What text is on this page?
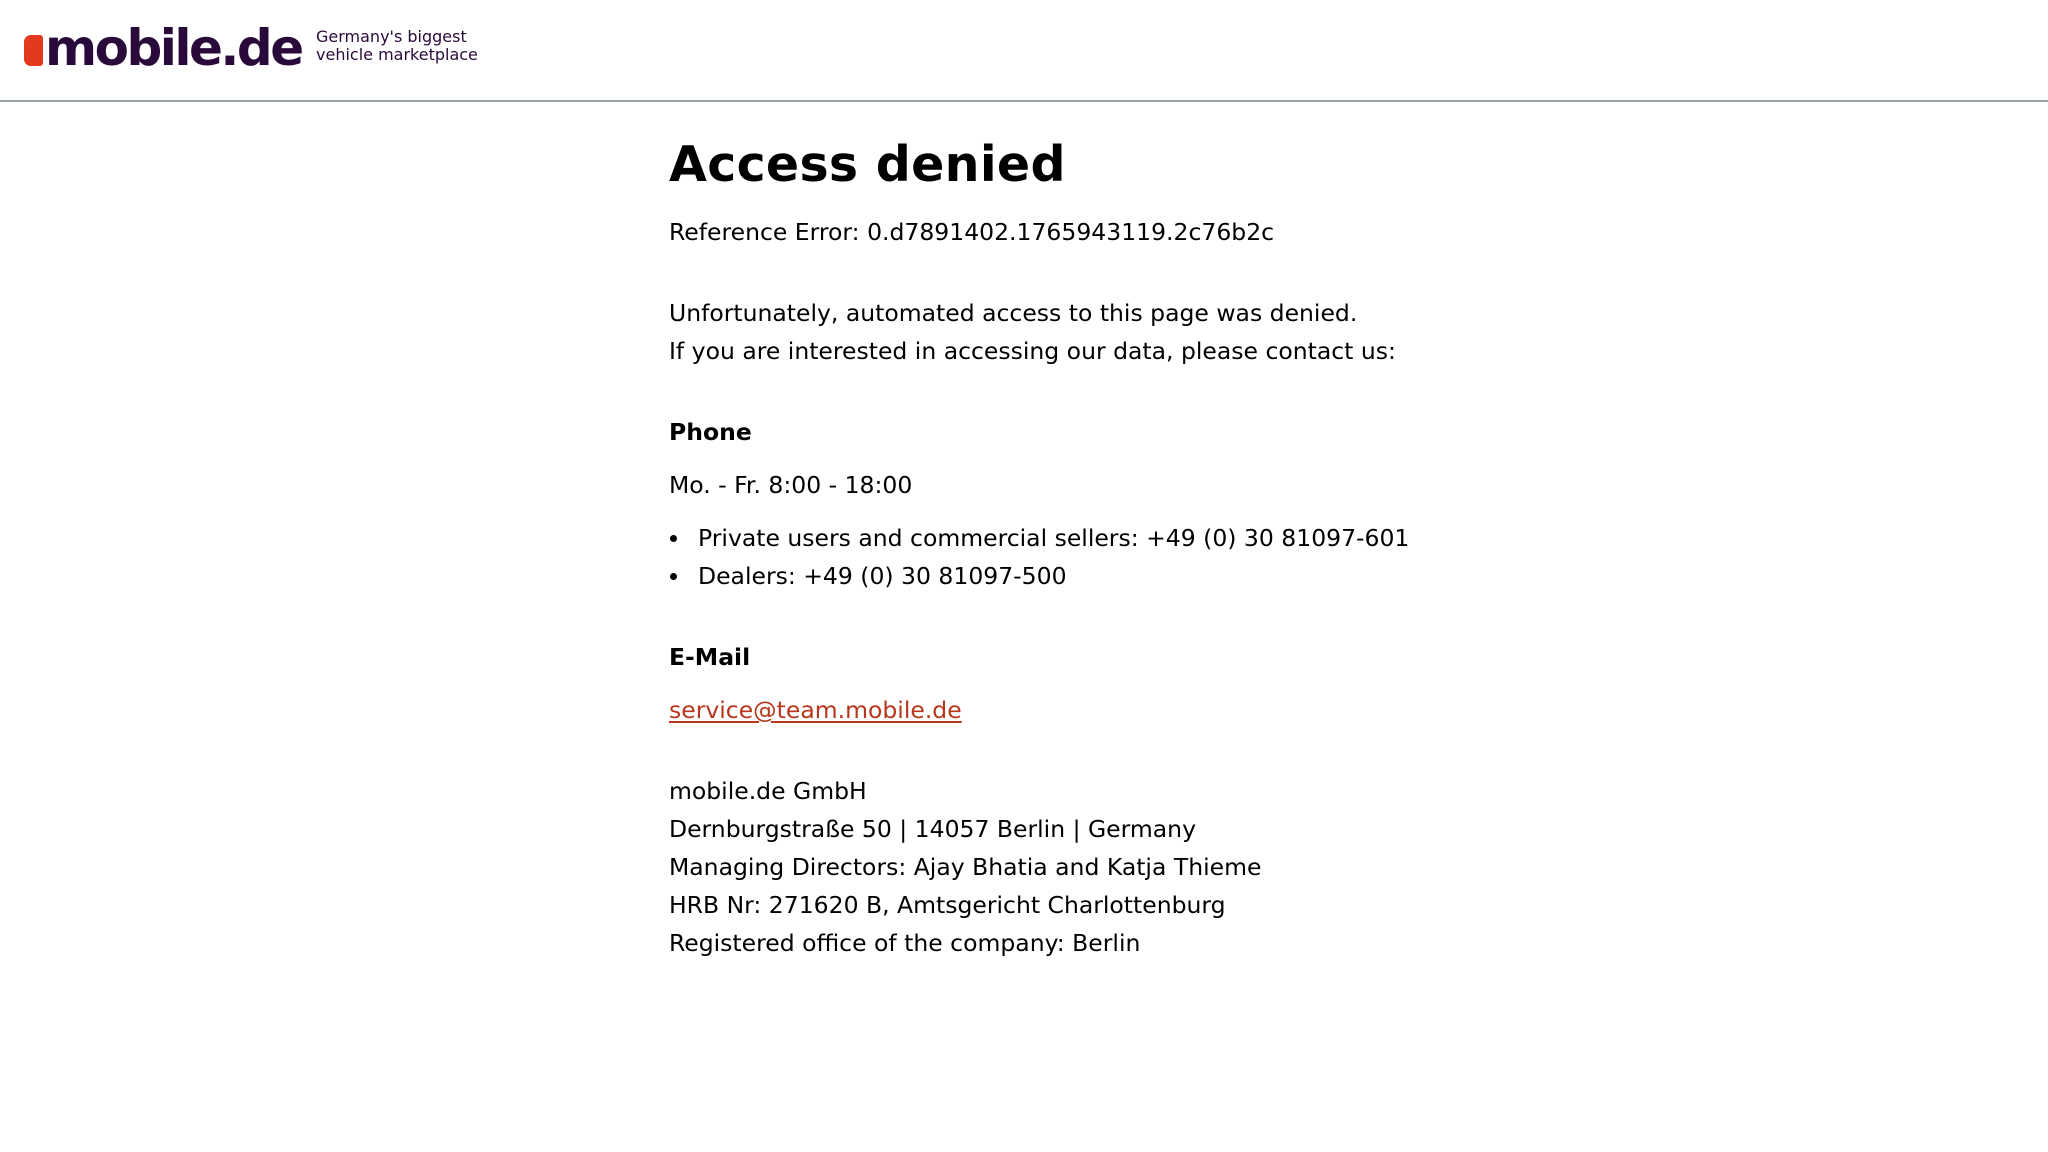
mobile.de Germany's biggest
vehicle marketplace
Access denied

Reference Error: 0.d7891402.1765943119.2c76b2c

Unfortunately, automated access to this page was denied.

If you are interested in accessing our data, please contact us:

Phone

Mo. - Fr. 8:00 - 18:00

Private users and commercial sellers: +49 (0) 30 81097-601
Dealers: +49 (0) 30 81097-500
E-Mail
service@team.mobile.de

mobile.de GmbH

Dernburgstraße 50 | 14057 Berlin | Germany

Managing Directors: Ajay Bhatia and Katja Thieme

HRB Nr: 271620 B, Amtsgericht Charlottenburg

Registered office of the company: Berlin
